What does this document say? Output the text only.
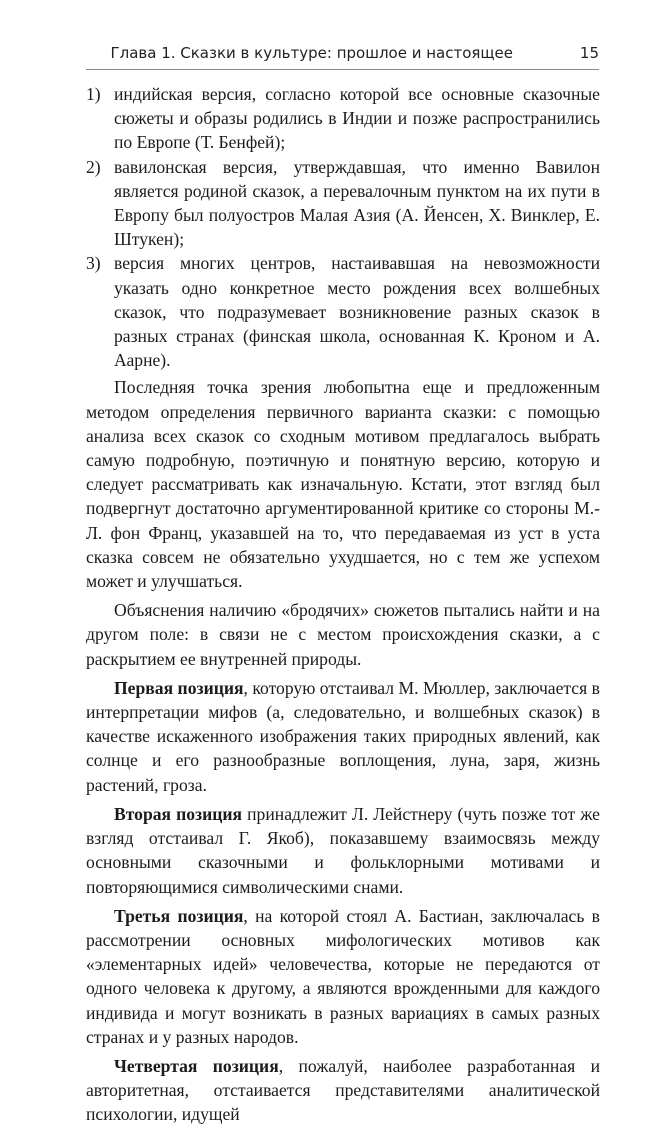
Глава 1. Сказки в культуре: прошлое и настоящее	15
1) индийская версия, согласно которой все основные сказочные сюжеты и образы родились в Индии и позже распространились по Европе (Т. Бенфей);
2) вавилонская версия, утверждавшая, что именно Вавилон является родиной сказок, а перевалочным пунктом на их пути в Европу был полуостров Малая Азия (А. Йенсен, Х. Винклер, Е. Штукен);
3) версия многих центров, настаивавшая на невозможности указать одно конкретное место рождения всех волшебных сказок, что подразумевает возникновение разных сказок в разных странах (финская школа, основанная К. Кроном и А. Аарне).

Последняя точка зрения любопытна еще и предложенным методом определения первичного варианта сказки: с помощью анализа всех сказок со сходным мотивом предлагалось выбрать самую подробную, поэтичную и понятную версию, которую и следует рассматривать как изначальную. Кстати, этот взгляд был подвергнут достаточно аргументированной критике со стороны М.-Л. фон Франц, указавшей на то, что передаваемая из уст в уста сказка совсем не обязательно ухудшается, но с тем же успехом может и улучшаться.

Объяснения наличию «бродячих» сюжетов пытались найти и на другом поле: в связи не с местом происхождения сказки, а с раскрытием ее внутренней природы.

Первая позиция, которую отстаивал М. Мюллер, заключается в интерпретации мифов (а, следовательно, и волшебных сказок) в качестве искаженного изображения таких природных явлений, как солнце и его разнообразные воплощения, луна, заря, жизнь растений, гроза.

Вторая позиция принадлежит Л. Лейстнеру (чуть позже тот же взгляд отстаивал Г. Якоб), показавшему взаимосвязь между основными сказочными и фольклорными мотивами и повторяющимися символическими снами.

Третья позиция, на которой стоял А. Бастиан, заключалась в рассмотрении основных мифологических мотивов как «элементарных идей» человечества, которые не передаются от одного человека к другому, а являются врожденными для каждого индивида и могут возникать в разных вариациях в самых разных странах и у разных народов.

Четвертая позиция, пожалуй, наиболее разработанная и авторитетная, отстаивается представителями аналитической психологии, идущей
